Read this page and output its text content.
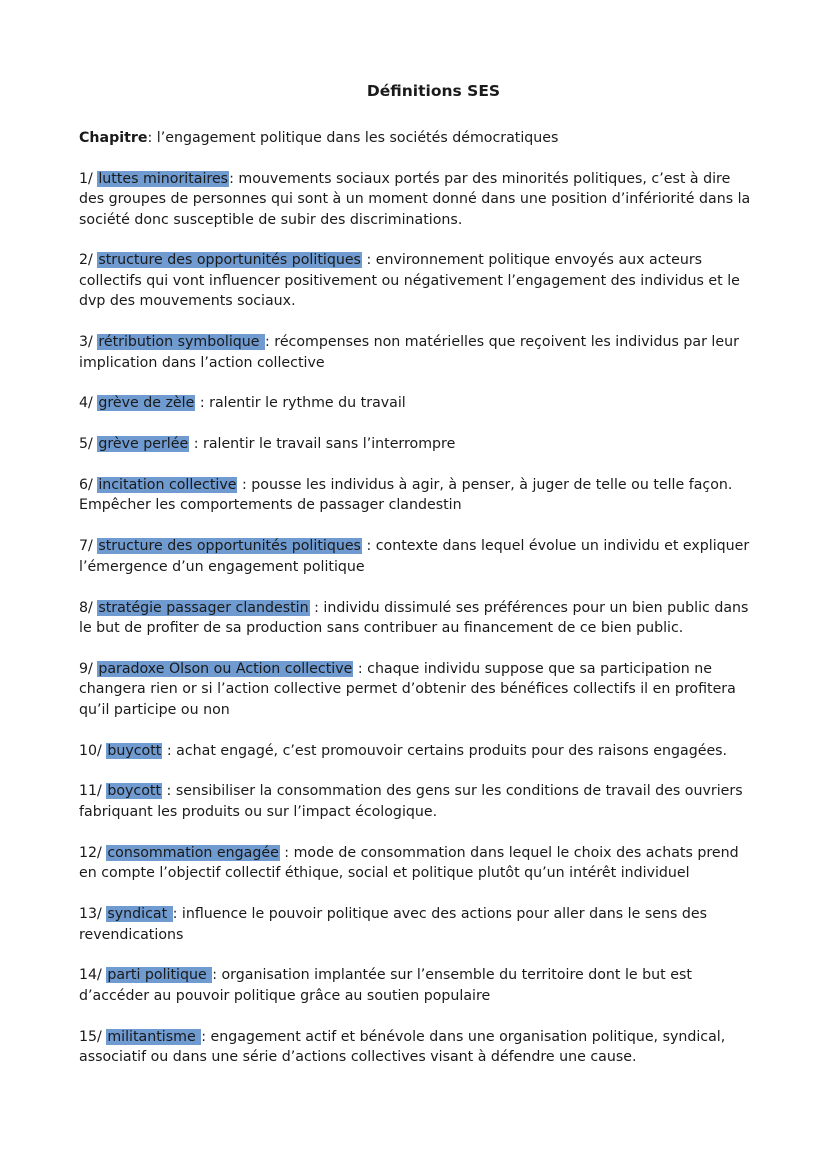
Définitions SES
Chapitre: l’engagement politique dans les sociétés démocratiques
1/ luttes minoritaires: mouvements sociaux portés par des minorités politiques, c’est à dire des groupes de personnes qui sont à un moment donné dans une position d’infériorité dans la société donc susceptible de subir des discriminations.
2/ structure des opportunités politiques : environnement politique envoyés aux acteurs collectifs qui vont influencer positivement ou négativement l’engagement des individus et le dvp des mouvements sociaux.
3/ rétribution symbolique : récompenses non matérielles que reçoivent les individus par leur implication dans l’action collective
4/ grève de zèle : ralentir le rythme du travail
5/ grève perlée : ralentir le travail sans l’interrompre
6/ incitation collective : pousse les individus à agir, à penser, à juger de telle ou telle façon. Empêcher les comportements de passager clandestin
7/ structure des opportunités politiques : contexte dans lequel évolue un individu et expliquer l’émergence d’un engagement politique
8/ stratégie passager clandestin : individu dissimulé ses préférences pour un bien public dans le but de profiter de sa production sans contribuer au financement de ce bien public.
9/ paradoxe Olson ou Action collective : chaque individu suppose que sa participation ne changera rien or si l’action collective permet d’obtenir des bénéfices collectifs il en profitera qu’il participe ou non
10/ buycott : achat engagé, c’est promouvoir certains produits pour des raisons engagées.
11/ boycott : sensibiliser la consommation des gens sur les conditions de travail des ouvriers fabriquant les produits ou sur l’impact écologique.
12/ consommation engagée : mode de consommation dans lequel le choix des achats prend en compte l’objectif collectif éthique, social et politique plutôt qu’un intérêt individuel
13/ syndicat : influence le pouvoir politique avec des actions pour aller dans le sens des revendications
14/ parti politique : organisation implantée sur l’ensemble du territoire dont le but est d’accéder au pouvoir politique grâce au soutien populaire
15/ militantisme : engagement actif et bénévole dans une organisation politique, syndical, associatif ou dans une série d’actions collectives visant à défendre une cause.
